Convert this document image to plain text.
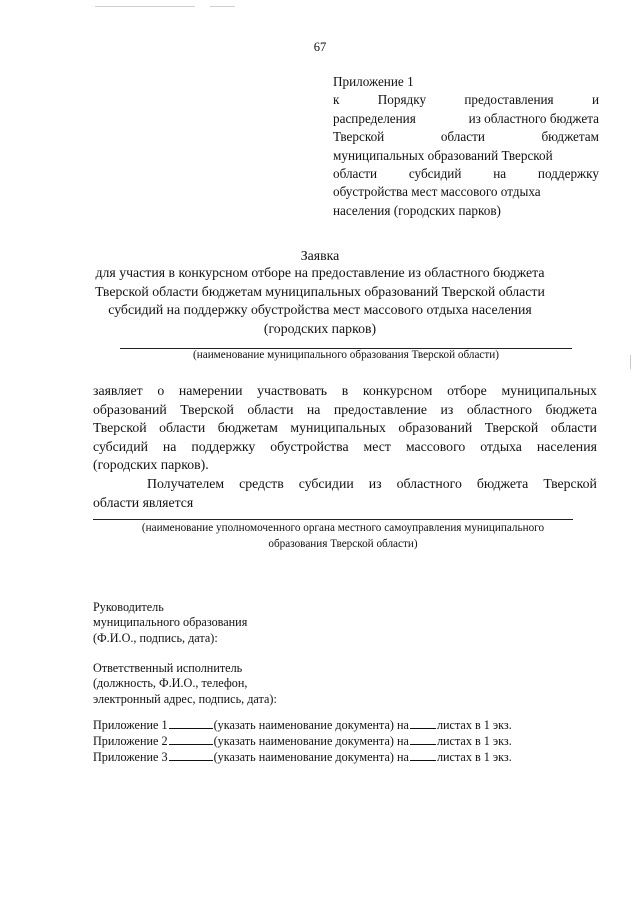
67
Приложение 1
к	Порядку	предоставления	и
распределения	из областного бюджета
Тверской	области	бюджетам
муниципальных образований Тверской
области субсидий на поддержку
обустройства мест массового отдыха
населения (городских парков)
Заявка
для участия в конкурсном отборе на предоставление из областного бюджета
Тверской области бюджетам муниципальных образований Тверской области
субсидий на поддержку обустройства мест массового отдыха населения
(городских парков)
(наименование муниципального образования Тверской области)
заявляет о намерении участвовать в конкурсном отборе муниципальных
образований Тверской области на предоставление из областного бюджета
Тверской области бюджетам муниципальных образований Тверской области
субсидий на поддержку обустройства мест массового отдыха населения
(городских парков).
Получателем средств субсидии из областного бюджета Тверской
области является
(наименование уполномоченного органа местного самоуправления муниципального
образования Тверской области)
Руководитель
муниципального образования
(Ф.И.О., подпись, дата):
Ответственный исполнитель
(должность, Ф.И.О., телефон,
электронный адрес, подпись, дата):
Приложение 1	(указать наименование документа) на листах в 1 экз.
Приложение 2	(указать наименование документа) на листах в 1 экз.
Приложение 3	(указать наименование документа) на листах в 1 экз.
